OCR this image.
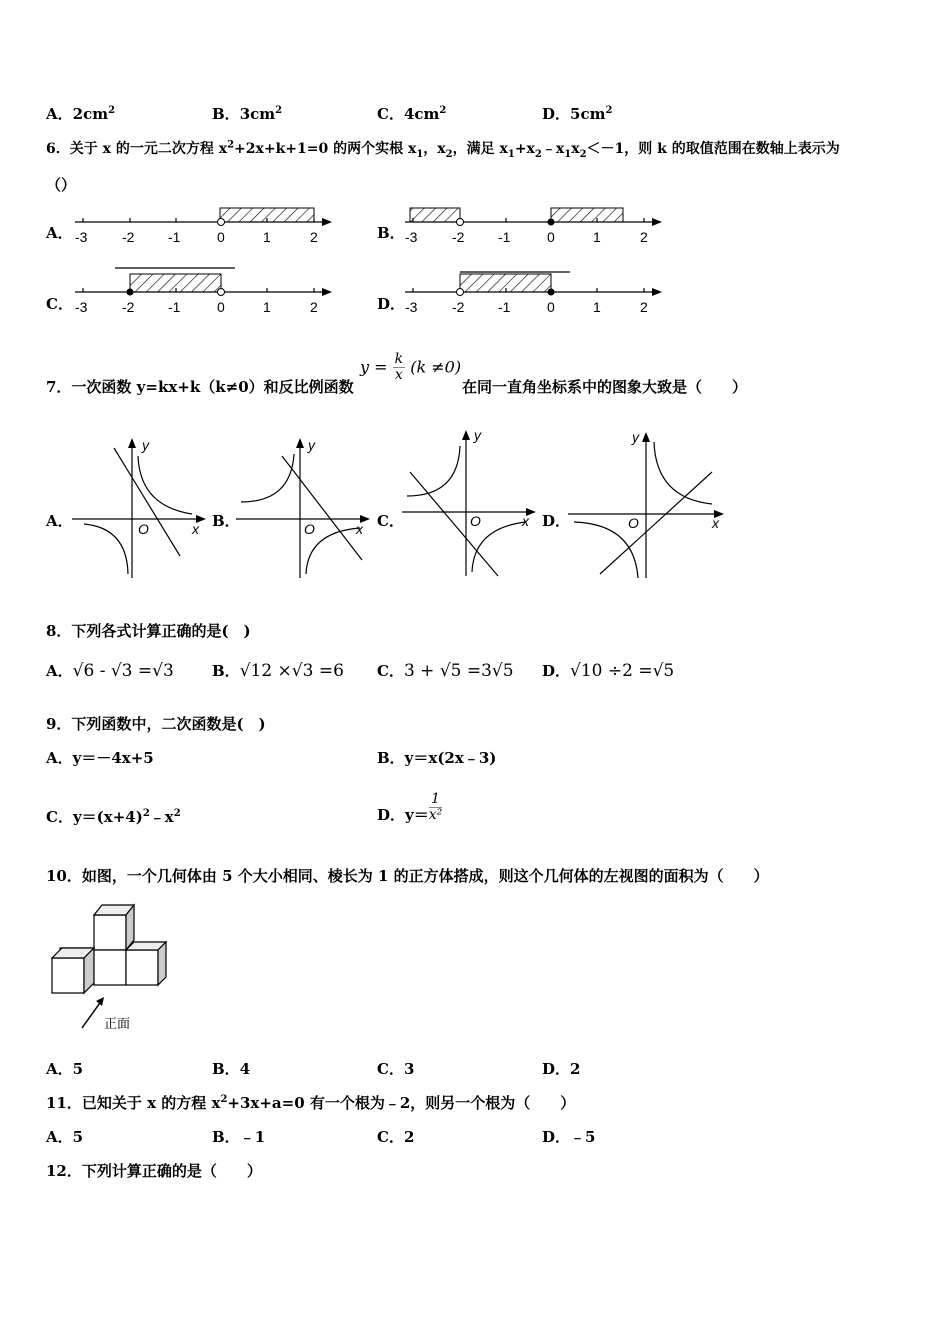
A．$2cm^2$	B．$3cm^2$	C．$4cm^2$	D．$5cm^2$
6．关于 x 的一元二次方程 $x^2+2x+k+1=0$ 的两个实根 $x_1$，$x_2$，满足 $x_1+x_2﹣x_1x_2<-1$，则 k 的取值范围在数轴上表示为
（）
A．	B．
C．	D．
-3 -2 -1	0	1	2	-3 -2 -1	0	1	2
-3 -2 -1	0	1	2	-3 -2 -1	0	1	2
7．一次函数 y=kx+k（k≠0）和反比例函数
$y = \frac{k}{x} (k \ne 0)$
在同一直角坐标系中的图象大致是（　　）
A．	B．	C．	D．
y
x
O
y
x
O
y
x
O
y
x
O
8．下列各式计算正确的是(　)
A．√6 - √3 =√3	B．√12 ×√3 =6 C．3 + √5 =3√5 D．√10 ÷2 =√5
9．下列函数中，二次函数是(　)
A．y＝－4x+5	B．y＝x(2x﹣3)
C．$y=(x+4)^2﹣x^2$	D．$y= \frac{1}{\text{x²}}$
10．如图，一个几何体由 5 个大小相同、棱长为 1 的正方体搭成，则这个几何体的左视图的面积为（　　）
正面
A．5	B．4	C．3	D．2
11．已知关于 x 的方程 $x^2+3x+a=0$ 有一个根为﹣2，则另一个根为（　　）
A．5	B．﹣1	C．2	D．﹣5
12．下列计算正确的是（　　）
